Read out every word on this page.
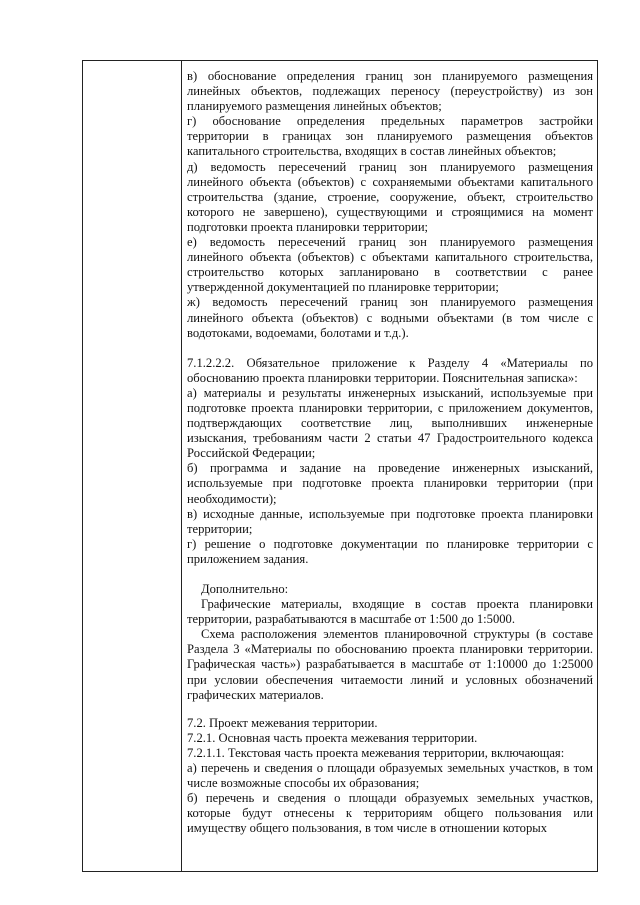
в) обоснование определения границ зон планируемого размещения линейных объектов, подлежащих переносу (переустройству) из зон планируемого размещения линейных объектов;

г) обоснование определения предельных параметров застройки территории в границах зон планируемого размещения объектов капитального строительства, входящих в состав линейных объектов;

д) ведомость пересечений границ зон планируемого размещения линейного объекта (объектов) с сохраняемыми объектами капитального строительства (здание, строение, сооружение, объект, строительство которого не завершено), существующими и строящимися на момент подготовки проекта планировки территории;

е) ведомость пересечений границ зон планируемого размещения линейного объекта (объектов) с объектами капитального строительства, строительство которых запланировано в соответствии с ранее утвержденной документацией по планировке территории;

ж) ведомость пересечений границ зон планируемого размещения линейного объекта (объектов) с водными объектами (в том числе с водотоками, водоемами, болотами и т.д.).

7.1.2.2.2. Обязательное приложение к Разделу 4 «Материалы по обоснованию проекта планировки территории. Пояснительная записка»:

а) материалы и результаты инженерных изысканий, используемые при подготовке проекта планировки территории, с приложением документов, подтверждающих соответствие лиц, выполнивших инженерные изыскания, требованиям части 2 статьи 47 Градостроительного кодекса Российской Федерации;

б) программа и задание на проведение инженерных изысканий, используемые при подготовке проекта планировки территории (при необходимости);

в) исходные данные, используемые при подготовке проекта планировки территории;

г) решение о подготовке документации по планировке территории с приложением задания.

Дополнительно:

Графические материалы, входящие в состав проекта планировки территории, разрабатываются в масштабе от 1:500 до 1:5000.

Схема расположения элементов планировочной структуры (в составе Раздела 3 «Материалы по обоснованию проекта планировки территории. Графическая часть») разрабатывается в масштабе от 1:10000 до 1:25000 при условии обеспечения читаемости линий и условных обозначений графических материалов.

7.2. Проект межевания территории.

7.2.1. Основная часть проекта межевания территории.

7.2.1.1. Текстовая часть проекта межевания территории, включающая:

а) перечень и сведения о площади образуемых земельных участков, в том числе возможные способы их образования;

б) перечень и сведения о площади образуемых земельных участков, которые будут отнесены к территориям общего пользования или имуществу общего пользования, в том числе в отношении которых
